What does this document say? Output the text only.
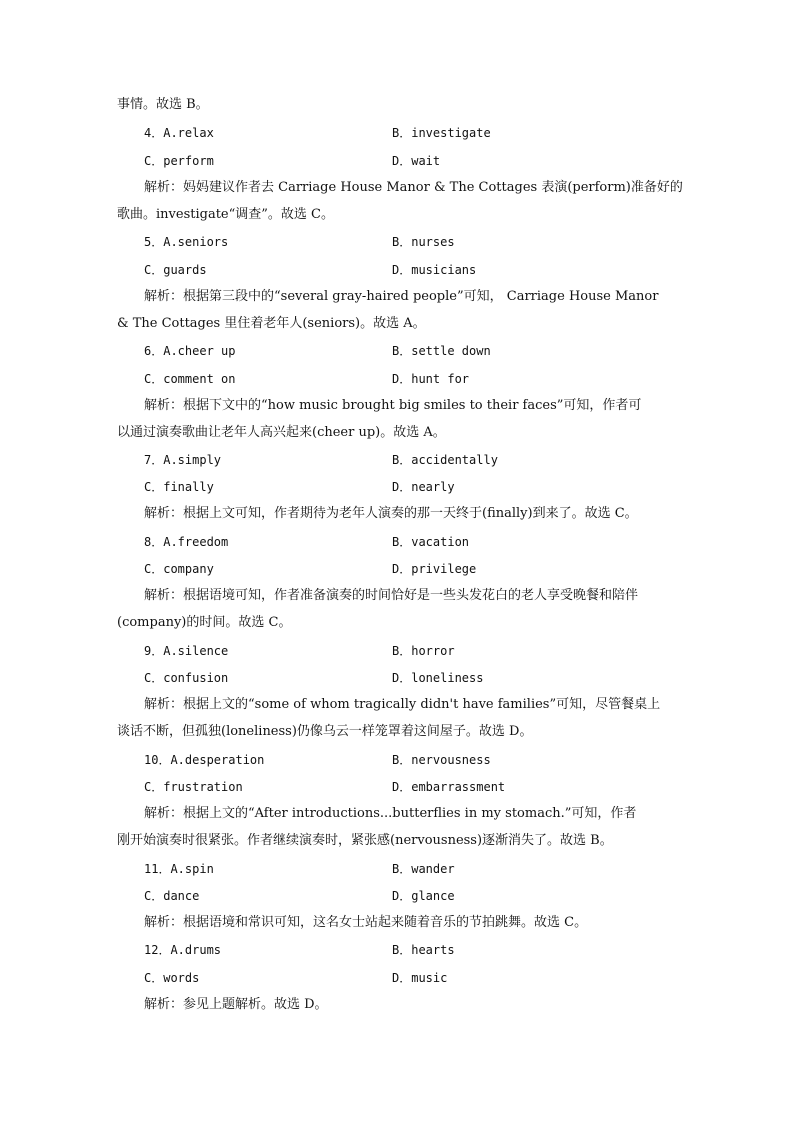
事情。故选 B。
4．A.relax	B．investigate
C．perform	D．wait
解析：妈妈建议作者去 Carriage House Manor & The Cottages 表演(perform)准备好的
歌曲。investigate“调查”。故选 C。
5．A.seniors	B．nurses
C．guards	D．musicians
解析：根据第三段中的“several gray-haired people”可知， Carriage House Manor
& The Cottages 里住着老年人(seniors)。故选 A。
6．A.cheer up	B．settle down
C．comment on	D．hunt for
解析：根据下文中的“how music brought big smiles to their faces”可知，作者可
以通过演奏歌曲让老年人高兴起来(cheer up)。故选 A。
7．A.simply	B．accidentally
C．finally	D．nearly
解析：根据上文可知，作者期待为老年人演奏的那一天终于(finally)到来了。故选 C。
8．A.freedom	B．vacation
C．company	D．privilege
解析：根据语境可知，作者准备演奏的时间恰好是一些头发花白的老人享受晚餐和陪伴
(company)的时间。故选 C。
9．A.silence	B．horror
C．confusion	D．loneliness
解析：根据上文的“some of whom tragically didn't have families”可知，尽管餐桌上
谈话不断，但孤独(loneliness)仍像乌云一样笼罩着这间屋子。故选 D。
10．A.desperation	B．nervousness
C．frustration	D．embarrassment
解析：根据上文的“After introductions...butterflies in my stomach.”可知，作者
刚开始演奏时很紧张。作者继续演奏时，紧张感(nervousness)逐渐消失了。故选 B。
11．A.spin	B．wander
C．dance	D．glance
解析：根据语境和常识可知，这名女士站起来随着音乐的节拍跳舞。故选 C。
12．A.drums	B．hearts
C．words	D．music
解析：参见上题解析。故选 D。
